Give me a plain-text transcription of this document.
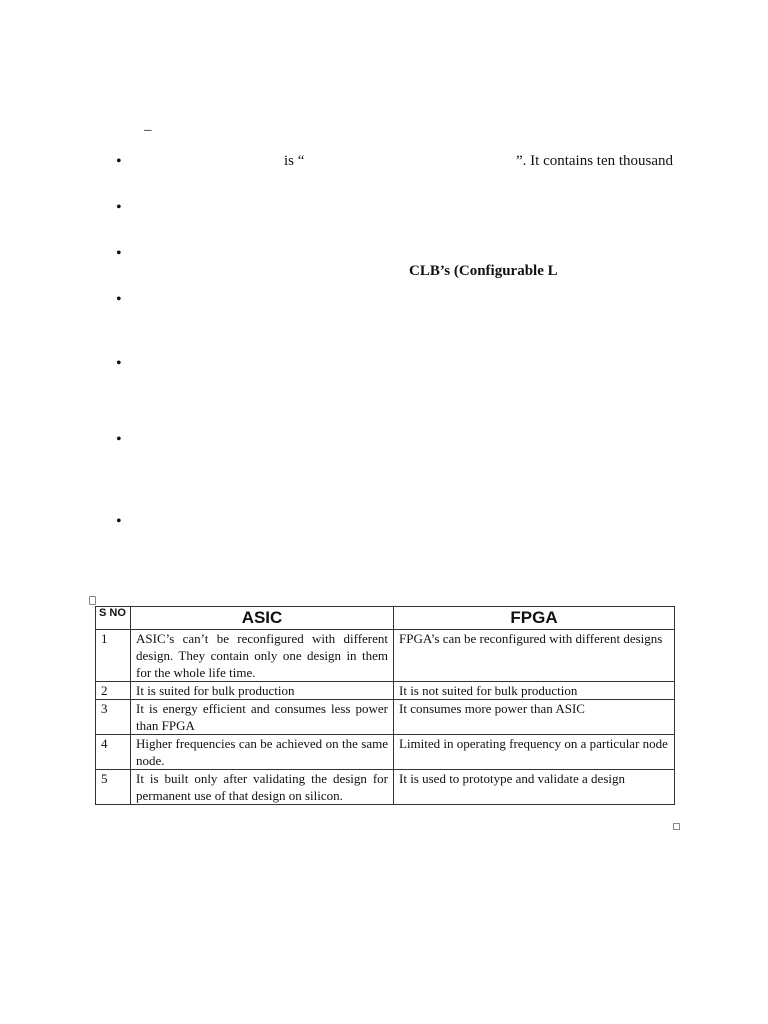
–
•	is “	”. It contains ten thousand
•
•
CLB’s (Configurable L
•
•
•
•
S NO	ASIC	FPGA
1	ASIC’s can’t be reconfigured with different design. They contain only one design in them for the whole life time.	FPGA’s can be reconfigured with different designs
2	It is suited for bulk production	It is not suited for bulk production
3	It is energy efficient and consumes less power than FPGA	It consumes more power than ASIC
4	Higher frequencies can be achieved on the same node.	Limited in operating frequency on a particular node
5	It is built only after validating the design for permanent use of that design on silicon.	It is used to prototype and validate a design
